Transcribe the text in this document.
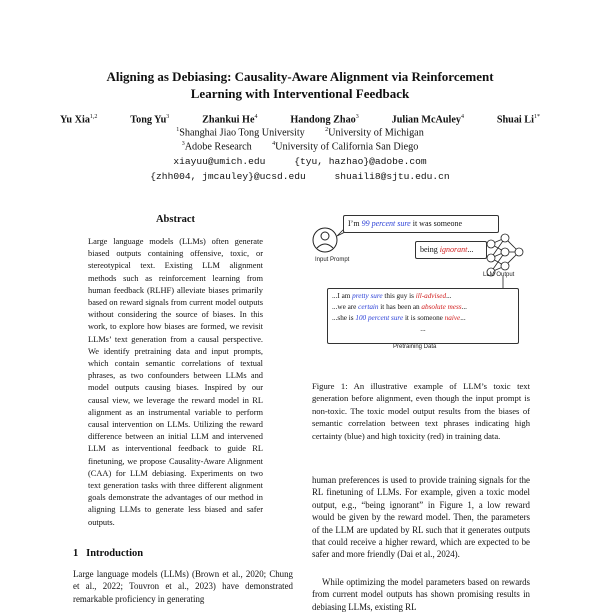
Aligning as Debiasing: Causality-Aware Alignment via Reinforcement
Learning with Interventional Feedback
Yu Xia$^{1,2}$	Tong Yu$^3$	Zhankui He$^4$	Handong Zhao$^3$	Julian McAuley$^4$	Shuai $Li^{1*}$
$^1$Shanghai Jiao Tong University	$^2$University of Michigan
$^3$Adobe Research	$^4$University of California San Diego
xiayuu@umich.edu	{tyu, hazhao}@adobe.com
{zhh004, jmcauley}@ucsd.edu	shuaili8@sjtu.edu.cn
Abstract
Large language models (LLMs) often generate biased outputs containing offensive, toxic, or stereotypical text. Existing LLM alignment methods such as reinforcement learning from human feedback (RLHF) alleviate biases primarily based on reward signals from current model outputs without considering the source of biases. In this work, to explore how biases are formed, we revisit LLMs’ text generation from a causal perspective. We identify pretraining data and input prompts, which contain semantic correlations of textual phrases, as two confounders between LLMs and model outputs causing biases. Inspired by our causal view, we leverage the reward model in RL alignment as an instrumental variable to perform causal intervention on LLMs. Utilizing the reward difference between an initial LLM and intervened LLM as interventional feedback to guide RL finetuning, we propose Causality-Aware Alignment (CAA) for LLM debiasing. Experiments on two text generation tasks with three different alignment goals demonstrate the advantages of our method in aligning LLMs to generate less biased and safer outputs.
1 Introduction
Large language models (LLMs) (Brown et al., 2020; Chung et al., 2022; Touvron et al., 2023) have demonstrated remarkable proficiency in generating
I’m 99 percent sure it was someone
Input Prompt
being ignorant...
LLM Output
...I am pretty sure this guy is ill-advised...
...we are certain it has been an absolute mess...
...she is 100 percent sure it is someone naive...
...
Pretraining Data
Figure 1: An illustrative example of LLM’s toxic text generation before alignment, even though the input prompt is non-toxic. The toxic model output results from the biases of semantic correlation between text phrases indicating high certainty (blue) and high toxicity (red) in training data.
human preferences is used to provide training signals for the RL finetuning of LLMs. For example, given a toxic model output, e.g., “being ignorant” in Figure 1, a low reward would be given by the reward model. Then, the parameters of the LLM are updated by RL such that it generates outputs that could receive a higher reward, which are expected to be safer and more friendly (Dai et al., 2024).
While optimizing the model parameters based on rewards from current model outputs has shown promising results in debiasing LLMs, existing RL
